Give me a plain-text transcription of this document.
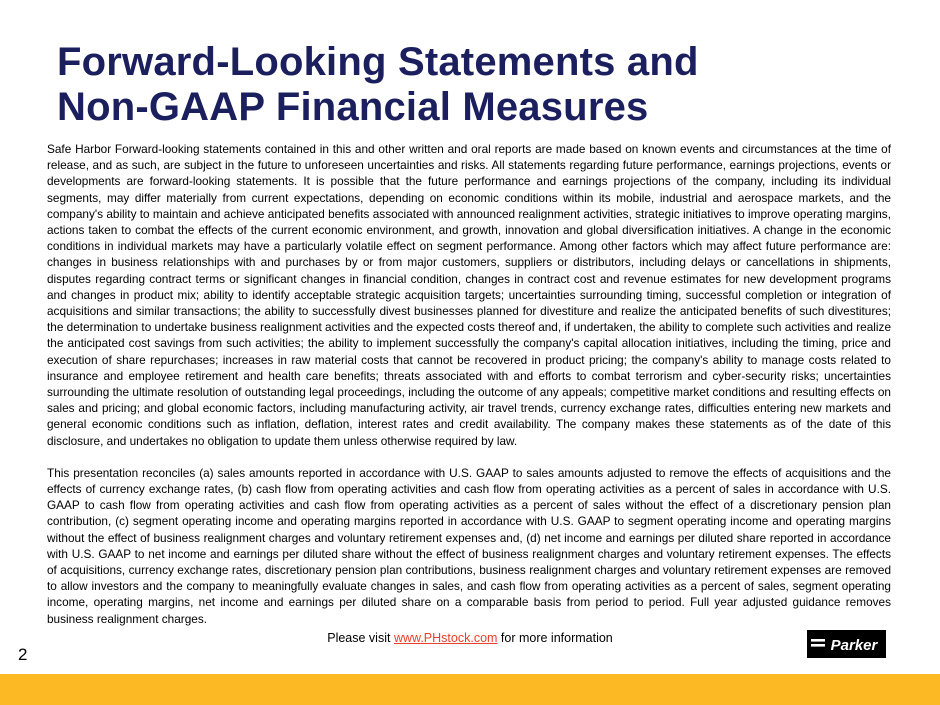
Forward-Looking Statements and
Non-GAAP Financial Measures

Safe Harbor Forward-looking statements contained in this and other written and oral reports are made based on known events and circumstances at the time of release, and as such, are subject in the future to unforeseen uncertainties and risks. All statements regarding future performance, earnings projections, events or developments are forward-looking statements. It is possible that the future performance and earnings projections of the company, including its individual segments, may differ materially from current expectations, depending on economic conditions within its mobile, industrial and aerospace markets, and the company's ability to maintain and achieve anticipated benefits associated with announced realignment activities, strategic initiatives to improve operating margins, actions taken to combat the effects of the current economic environment, and growth, innovation and global diversification initiatives. A change in the economic conditions in individual markets may have a particularly volatile effect on segment performance. Among other factors which may affect future performance are: changes in business relationships with and purchases by or from major customers, suppliers or distributors, including delays or cancellations in shipments, disputes regarding contract terms or significant changes in financial condition, changes in contract cost and revenue estimates for new development programs and changes in product mix; ability to identify acceptable strategic acquisition targets; uncertainties surrounding timing, successful completion or integration of acquisitions and similar transactions; the ability to successfully divest businesses planned for divestiture and realize the anticipated benefits of such divestitures; the determination to undertake business realignment activities and the expected costs thereof and, if undertaken, the ability to complete such activities and realize the anticipated cost savings from such activities; the ability to implement successfully the company's capital allocation initiatives, including the timing, price and execution of share repurchases; increases in raw material costs that cannot be recovered in product pricing; the company's ability to manage costs related to insurance and employee retirement and health care benefits; threats associated with and efforts to combat terrorism and cyber-security risks; uncertainties surrounding the ultimate resolution of outstanding legal proceedings, including the outcome of any appeals; competitive market conditions and resulting effects on sales and pricing; and global economic factors, including manufacturing activity, air travel trends, currency exchange rates, difficulties entering new markets and general economic conditions such as inflation, deflation, interest rates and credit availability. The company makes these statements as of the date of this disclosure, and undertakes no obligation to update them unless otherwise required by law.

This presentation reconciles (a) sales amounts reported in accordance with U.S. GAAP to sales amounts adjusted to remove the effects of acquisitions and the effects of currency exchange rates, (b) cash flow from operating activities and cash flow from operating activities as a percent of sales in accordance with U.S. GAAP to cash flow from operating activities and cash flow from operating activities as a percent of sales without the effect of a discretionary pension plan contribution, (c) segment operating income and operating margins reported in accordance with U.S. GAAP to segment operating income and operating margins without the effect of business realignment charges and voluntary retirement expenses and, (d) net income and earnings per diluted share reported in accordance with U.S. GAAP to net income and earnings per diluted share without the effect of business realignment charges and voluntary retirement expenses. The effects of acquisitions, currency exchange rates, discretionary pension plan contributions, business realignment charges and voluntary retirement expenses are removed to allow investors and the company to meaningfully evaluate changes in sales, and cash flow from operating activities as a percent of sales, segment operating income, operating margins, net income and earnings per diluted share on a comparable basis from period to period. Full year adjusted guidance removes business realignment charges.

Please visit www.PHstock.com for more information
2	Parker
